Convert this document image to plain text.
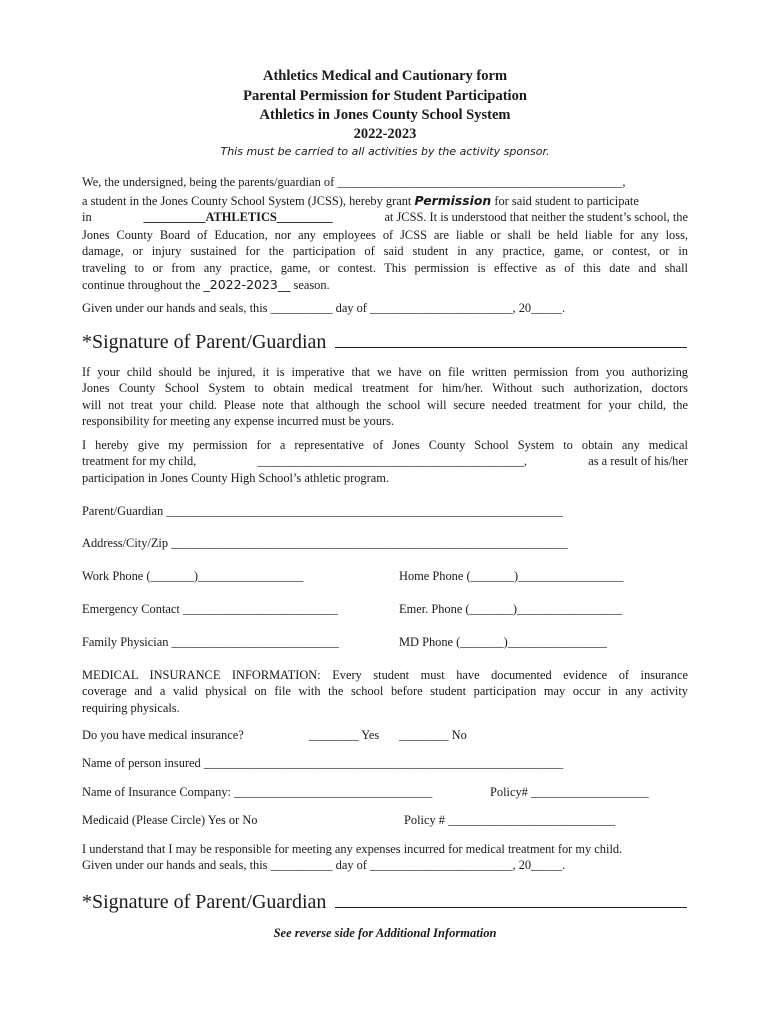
Athletics Medical and Cautionary form
Parental Permission for Student Participation
Athletics in Jones County School System
2022-2023
This must be carried to all activities by the activity sponsor.
We, the undersigned, being the parents/guardian of ______________________________________________,
a student in the Jones County School System (JCSS), hereby grant Permission for said student to participate
in	__________ATHLETICS_________	at JCSS. It is understood that neither the student’s school, the
Jones County Board of Education, nor any employees of JCSS are liable or shall be held liable for any loss,
damage, or injury sustained for the participation of said student in any practice, game, or contest, or in
traveling to or from any practice, game, or contest. This permission is effective as of this date and shall
continue throughout the _2022-2023__ season.
Given under our hands and seals, this __________ day of _______________________, 20_____.
*Signature of Parent/Guardian
If your child should be injured, it is imperative that we have on file written permission from you authorizing
Jones County School System to obtain medical treatment for him/her. Without such authorization, doctors
will not treat your child. Please note that although the school will secure needed treatment for your child, the
responsibility for meeting any expense incurred must be yours.
I hereby give my permission for a representative of Jones County School System to obtain any medical
treatment for my child,	___________________________________________,	as a result of his/her
participation in Jones County High School’s athletic program.
Parent/Guardian ________________________________________________________________
Address/City/Zip ________________________________________________________________
Work Phone (_______)_________________	Home Phone (_______)_________________
Emergency Contact _________________________	Emer. Phone (_______)_________________
Family Physician ___________________________	MD Phone (_______)________________
MEDICAL INSURANCE INFORMATION: Every student must have documented evidence of insurance
coverage and a valid physical on file with the school before student participation may occur in any activity
requiring physicals.
Do you have medical insurance?	________ Yes ________ No
Name of person insured __________________________________________________________
Name of Insurance Company: ________________________________	Policy# ___________________
Medicaid (Please Circle) Yes or No	Policy # ___________________________
I understand that I may be responsible for meeting any expenses incurred for medical treatment for my child.
Given under our hands and seals, this __________ day of _______________________, 20_____.
*Signature of Parent/Guardian
See reverse side for Additional Information
